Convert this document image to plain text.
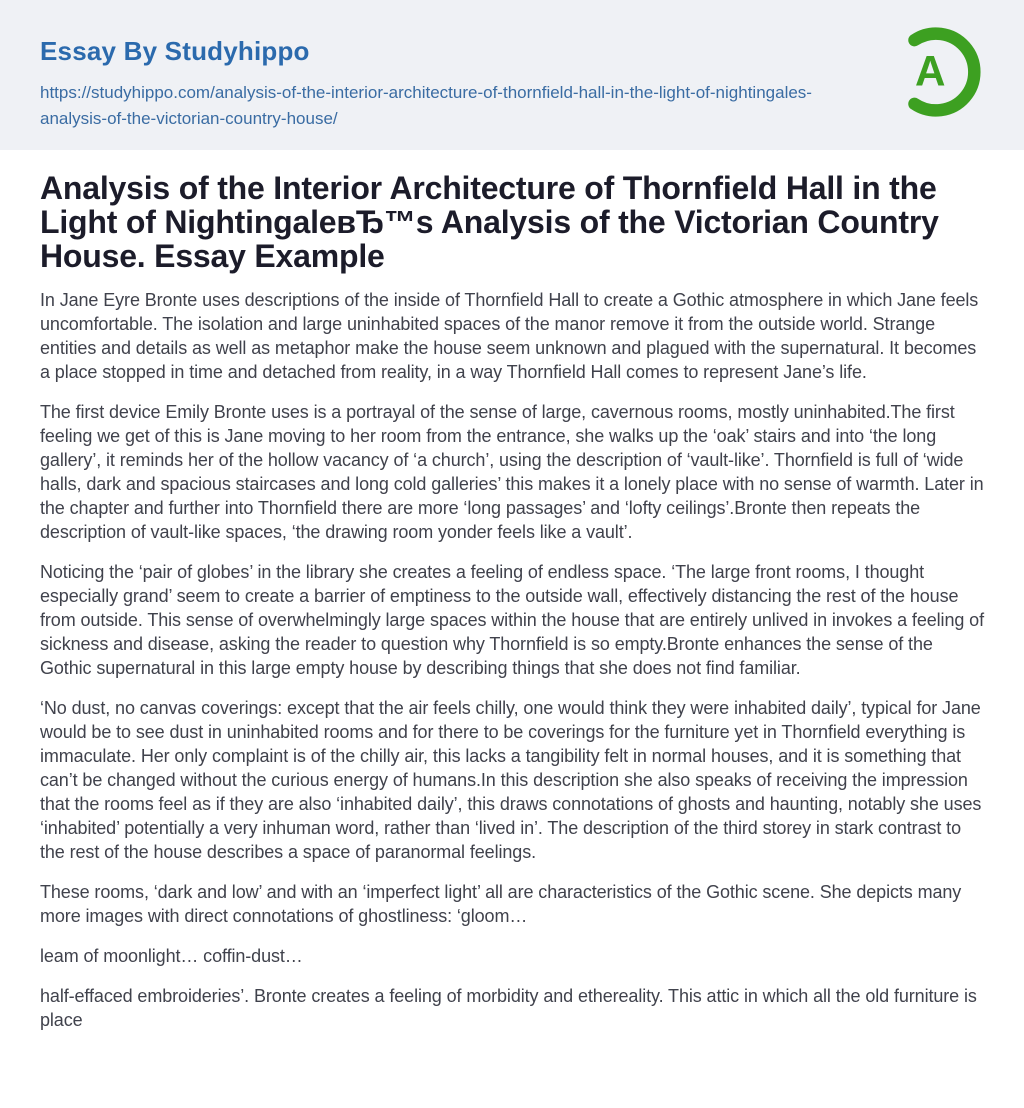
Essay By Studyhippo
https://studyhippo.com/analysis-of-the-interior-architecture-of-thornfield-hall-in-the-light-of-nightingales-analysis-of-the-victorian-country-house/
A
Analysis of the Interior Architecture of Thornfield Hall in the Light of NightingaleвЂ™s Analysis of the Victorian Country House. Essay Example

In Jane Eyre Bronte uses descriptions of the inside of Thornfield Hall to create a Gothic atmosphere in which Jane feels uncomfortable. The isolation and large uninhabited spaces of the manor remove it from the outside world. Strange entities and details as well as metaphor make the house seem unknown and plagued with the supernatural. It becomes a place stopped in time and detached from reality, in a way Thornfield Hall comes to represent Jane’s life.

The first device Emily Bronte uses is a portrayal of the sense of large, cavernous rooms, mostly uninhabited.The first feeling we get of this is Jane moving to her room from the entrance, she walks up the ‘oak’ stairs and into ‘the long gallery’, it reminds her of the hollow vacancy of ‘a church’, using the description of ‘vault-like’. Thornfield is full of ‘wide halls, dark and spacious staircases and long cold galleries’ this makes it a lonely place with no sense of warmth. Later in the chapter and further into Thornfield there are more ‘long passages’ and ‘lofty ceilings’.Bronte then repeats the description of vault-like spaces, ‘the drawing room yonder feels like a vault’.

Noticing the ‘pair of globes’ in the library she creates a feeling of endless space. ‘The large front rooms, I thought especially grand’ seem to create a barrier of emptiness to the outside wall, effectively distancing the rest of the house from outside. This sense of overwhelmingly large spaces within the house that are entirely unlived in invokes a feeling of sickness and disease, asking the reader to question why Thornfield is so empty.Bronte enhances the sense of the Gothic supernatural in this large empty house by describing things that she does not find familiar.

‘No dust, no canvas coverings: except that the air feels chilly, one would think they were inhabited daily’, typical for Jane would be to see dust in uninhabited rooms and for there to be coverings for the furniture yet in Thornfield everything is immaculate. Her only complaint is of the chilly air, this lacks a tangibility felt in normal houses, and it is something that can’t be changed without the curious energy of humans.In this description she also speaks of receiving the impression that the rooms feel as if they are also ‘inhabited daily’, this draws connotations of ghosts and haunting, notably she uses ‘inhabited’ potentially a very inhuman word, rather than ‘lived in’. The description of the third storey in stark contrast to the rest of the house describes a space of paranormal feelings.

These rooms, ‘dark and low’ and with an ‘imperfect light’ all are characteristics of the Gothic scene. She depicts many more images with direct connotations of ghostliness: ‘gloom…

leam of moonlight… coffin-dust…

half-effaced embroideries’. Bronte creates a feeling of morbidity and ethereality. This attic in which all the old furniture is place
